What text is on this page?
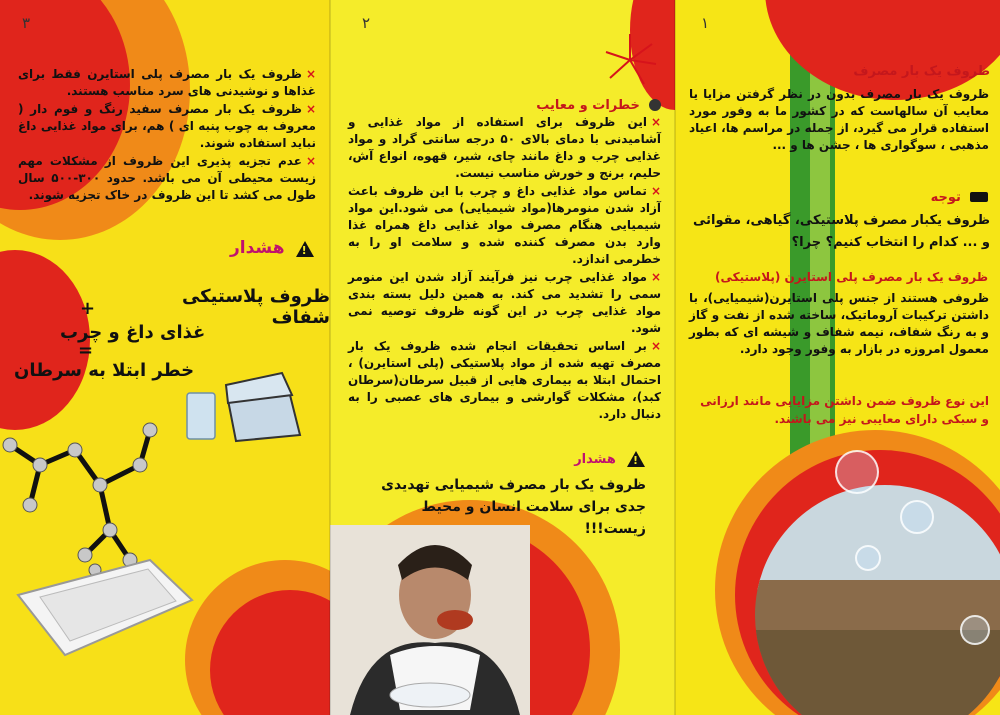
۳
× ظروف یک بار مصرف پلی استایرن فقط برای غذاها و نوشیدنی های سرد مناسب هستند.
× ظروف یک بار مصرف سفید رنگ و فوم دار ( معروف به چوب پنبه ای ) هم، برای مواد غذایی داغ نباید استفاده شوند.
× عدم تجزیه پذیری این ظروف از مشکلات مهم زیست محیطی آن می باشد. حدود ۳۰۰-۵۰۰ سال طول می کشد تا این ظروف در خاک تجزیه شوند.
! هشدار
ظروف پلاستیکی شفاف
+
غذای داغ و چرب
=
خطر ابتلا به سرطان
۲
خطرات و معایب
× این ظروف برای استفاده از مواد غذایی و آشامیدنی با دمای بالای ۵۰ درجه سانتی گراد و مواد غذایی چرب و داغ مانند چای، شیر، قهوه، انواع آش، حلیم، برنج و خورش مناسب نیست.
× تماس مواد غذایی داغ و چرب با این ظروف باعث آزاد شدن منومرها(مواد شیمیایی) می شود.این مواد شیمیایی هنگام مصرف مواد غذایی داغ همراه غذا وارد بدن مصرف کننده شده و سلامت او را به خطرمی اندازد.
× مواد غذایی چرب نیز فرآیند آزاد شدن این منومر سمی را تشدید می کند. به همین دلیل بسته بندی مواد غذایی چرب در این گونه ظروف توصیه نمی شود.
× بر اساس تحقیقات انجام شده ظروف یک بار مصرف تهیه شده از مواد پلاستیکی (پلی استایرن) ، احتمال ابتلا به بیماری هایی از قبیل سرطان(سرطان کبد)، مشکلات گوارشی و بیماری های عصبی را به دنبال دارد.
! هشدار
ظروف یک بار مصرف شیمیایی تهدیدی جدی برای سلامت انسان و محیط زیست!!!
۱
ظروف یک بار مصرف
ظروف یک بار مصرف بدون در نظر گرفتن مزایا یا معایب آن سالهاست که در کشور ما به وفور مورد استفاده قرار می گیرد، از جمله در مراسم ها، اعیاد مذهبی ، سوگواری ها ، جشن ها و ...
توجه
ظروف یکبار مصرف پلاستیکی، گیاهی، مقوائی و ... کدام را انتخاب کنیم؟ چرا؟
ظروف یک بار مصرف پلی استایرن (پلاستیکی)
ظروفی هستند از جنس پلی استایرن(شیمیایی)، با داشتن ترکیبات آروماتیک، ساخته شده از نفت و گاز و به رنگ شفاف، نیمه شفاف و شیشه ای که بطور معمول امروزه در بازار به وفور وجود دارد.
این نوع ظروف ضمن داشتن مزایایی مانند ارزانی و سبکی دارای معایبی نیز می باشند.
